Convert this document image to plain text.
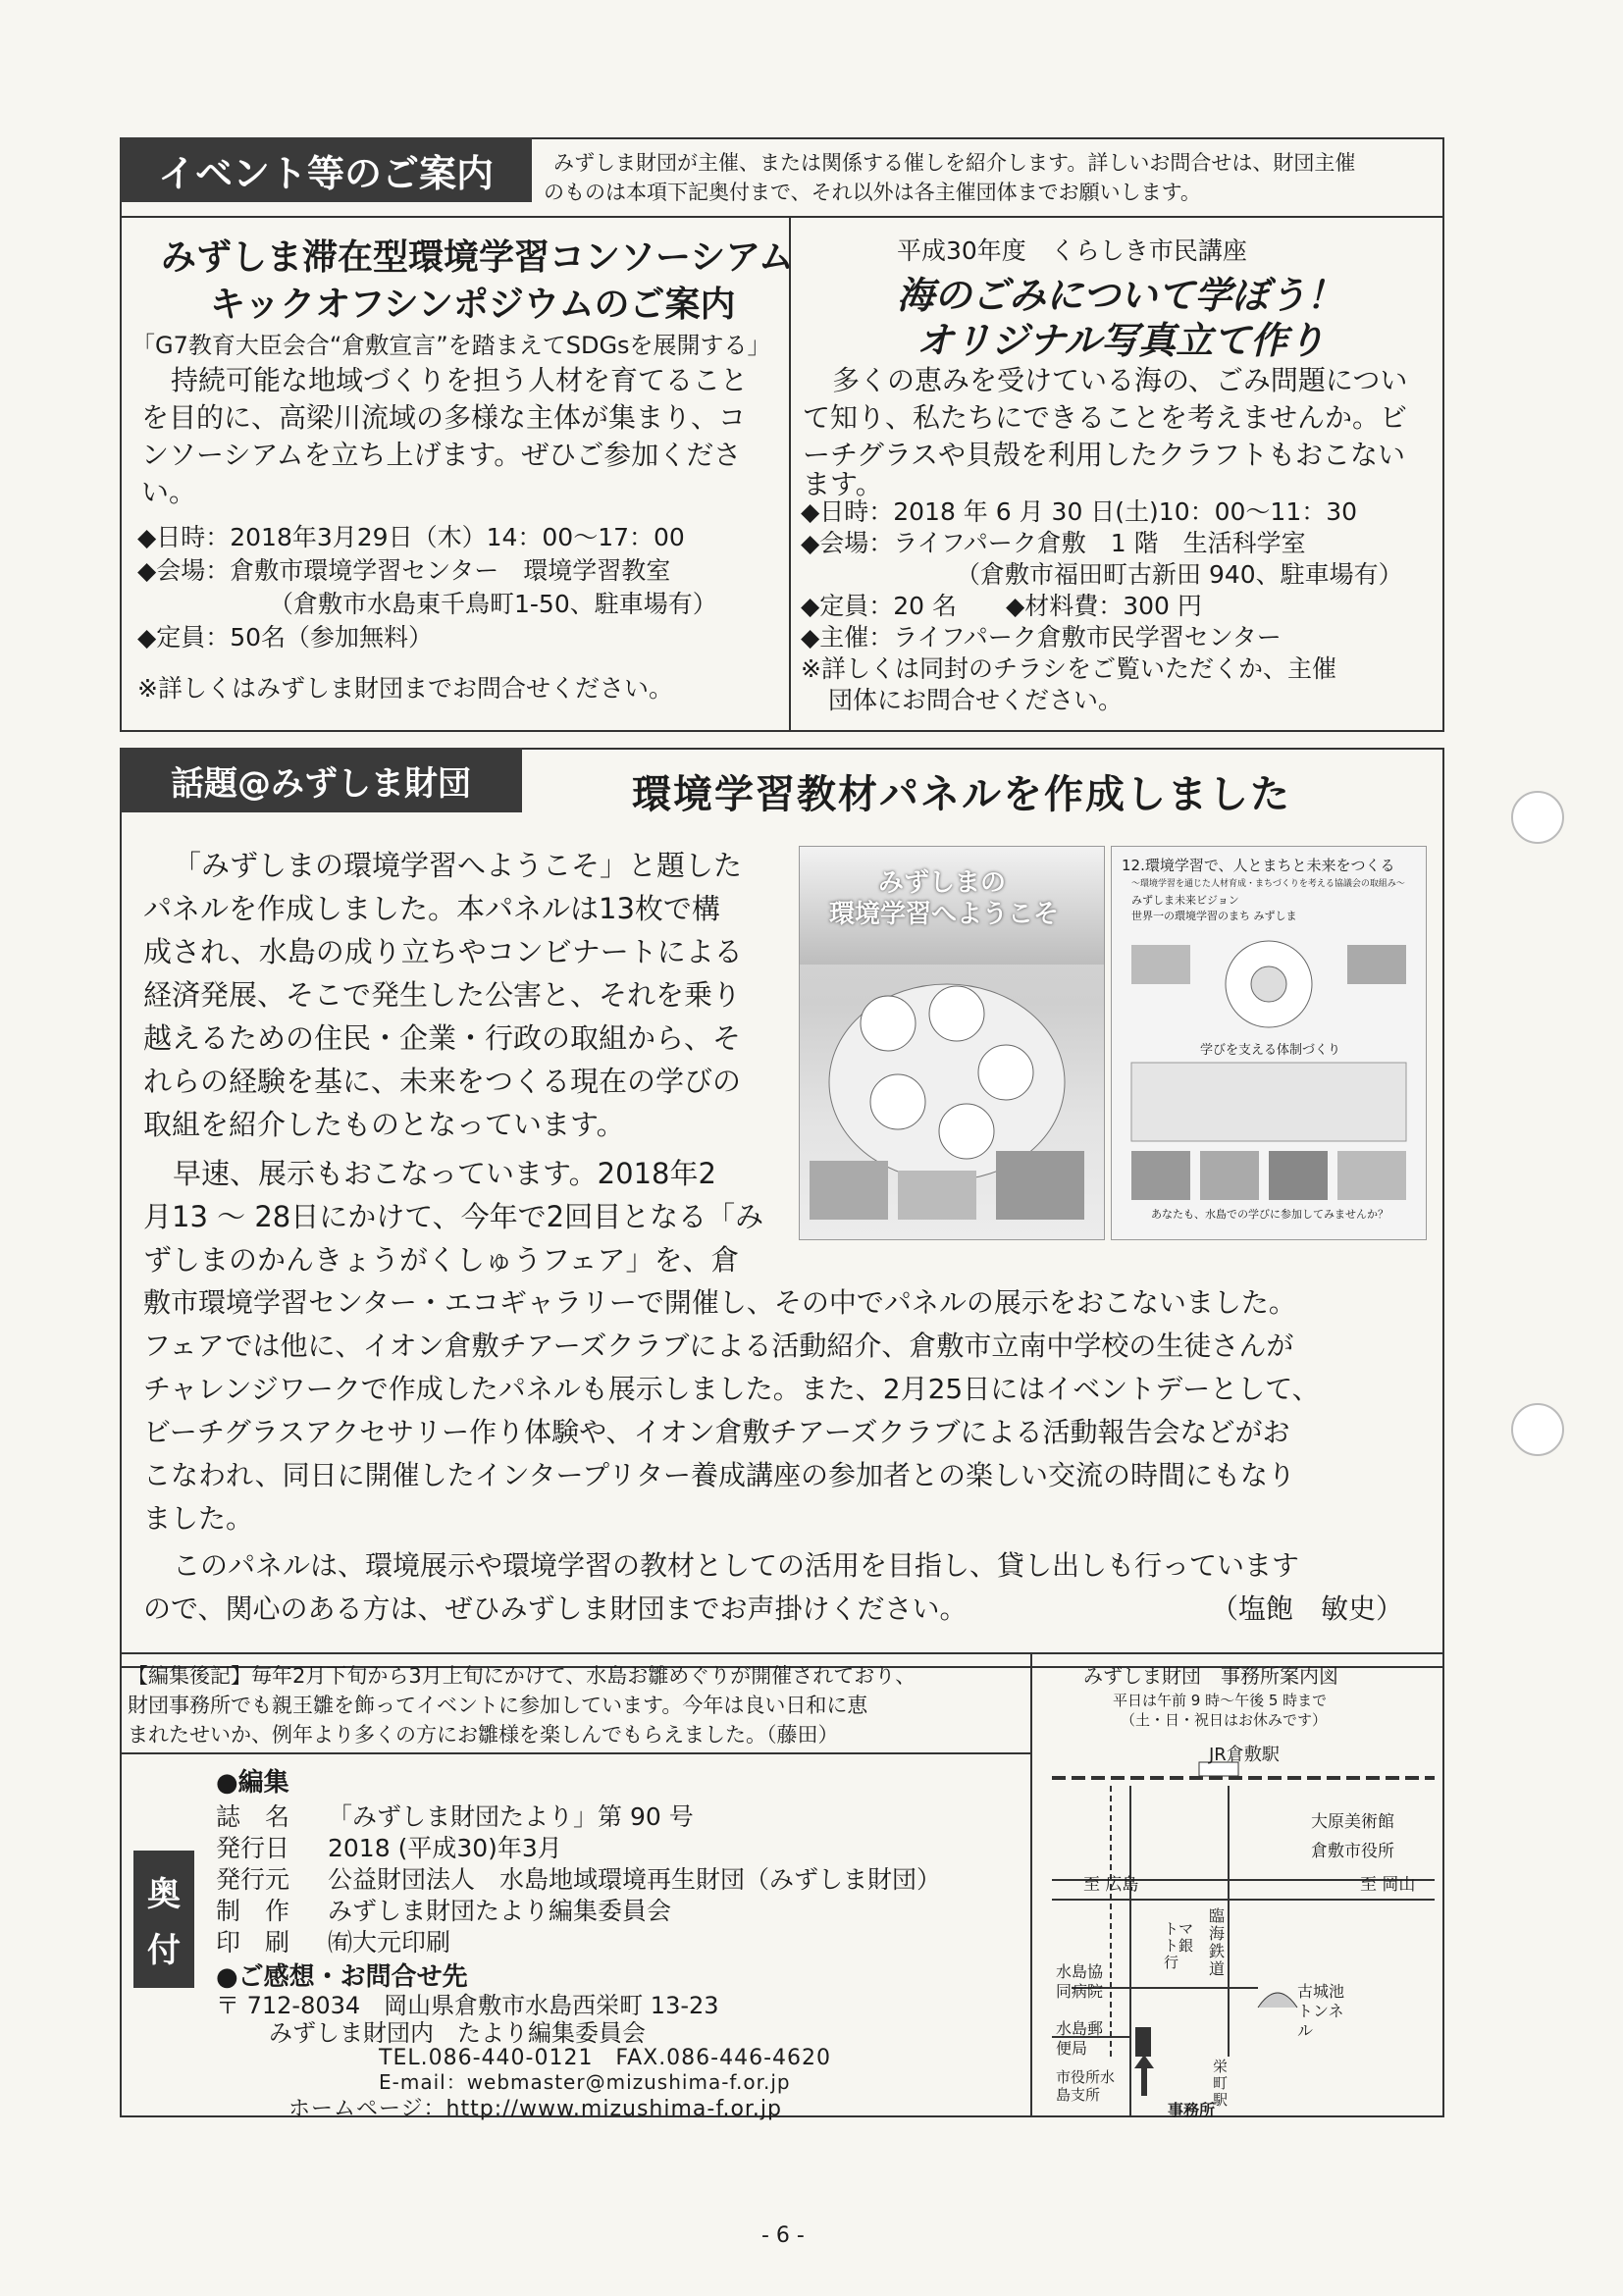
イベント等のご案内	みずしま財団が主催、または関係する催しを紹介します。詳しいお問合せは、財団主催
のものは本項下記奥付まで、それ以外は各主催団体までお願いします。
みずしま滞在型環境学習コンソーシアム
キックオフシンポジウムのご案内
「G7教育大臣会合“倉敷宣言”を踏まえてSDGsを展開する」
持続可能な地域づくりを担う人材を育てること
を目的に、高梁川流域の多様な主体が集まり、コ
ンソーシアムを立ち上げます。ぜひご参加くださ
い。
◆日時：2018年3月29日（木）14：00〜17：00
◆会場：倉敷市環境学習センター　環境学習教室
（倉敷市水島東千鳥町1-50、駐車場有）
◆定員：50名（参加無料）
※詳しくはみずしま財団までお問合せください。
平成30年度　くらしき市民講座
海のごみについて学ぼう！
オリジナル写真立て作り
多くの恵みを受けている海の、ごみ問題につい
て知り、私たちにできることを考えませんか。ビ
ーチグラスや貝殻を利用したクラフトもおこない
ます。
◆日時：2018 年 6 月 30 日(土)10：00〜11：30
◆会場：ライフパーク倉敷　1 階　生活科学室
（倉敷市福田町古新田 940、駐車場有）
◆定員：20 名　　◆材料費：300 円
◆主催：ライフパーク倉敷市民学習センター
※詳しくは同封のチラシをご覧いただくか、主催
団体にお問合せください。
話題@みずしま財団	環境学習教材パネルを作成しました
「みずしまの環境学習へようこそ」と題した
パネルを作成しました。本パネルは13枚で構
成され、水島の成り立ちやコンビナートによる
経済発展、そこで発生した公害と、それを乗り
越えるための住民・企業・行政の取組から、そ
れらの経験を基に、未来をつくる現在の学びの
取組を紹介したものとなっています。
早速、展示もおこなっています。2018年2
月13 〜 28日にかけて、今年で2回目となる「み
ずしまのかんきょうがくしゅうフェア」を、倉
敷市環境学習センター・エコギャラリーで開催し、その中でパネルの展示をおこないました。
フェアでは他に、イオン倉敷チアーズクラブによる活動紹介、倉敷市立南中学校の生徒さんが
チャレンジワークで作成したパネルも展示しました。また、2月25日にはイベントデーとして、
ビーチグラスアクセサリー作り体験や、イオン倉敷チアーズクラブによる活動報告会などがお
こなわれ、同日に開催したインタープリター養成講座の参加者との楽しい交流の時間にもなり
ました。
このパネルは、環境展示や環境学習の教材としての活用を目指し、貸し出しも行っています
ので、関心のある方は、ぜひみずしま財団までお声掛けください。	（塩飽　敏史）
みずしまの
環境学習へようこそ
12.環境学習で、人とまちと未来をつくる
〜環境学習を通じた人材育成・まちづくりを考える協議会の取組み〜
みずしま未来ビジョン
世界一の環境学習のまち みずしま
学びを支える体制づくり
あなたも、水島での学びに参加してみませんか？
【編集後記】毎年2月下旬から3月上旬にかけて、水島お雛めぐりが開催されており、
財団事務所でも親王雛を飾ってイベントに参加しています。今年は良い日和に恵
まれたせいか、例年より多くの方にお雛様を楽しんでもらえました。（藤田）
奥
付
●編集
誌　名 「みずしま財団たより」第 90 号
発行日 2018 (平成30)年3月
発行元 公益財団法人　水島地域環境再生財団（みずしま財団）
制　作 みずしま財団たより編集委員会
印　刷 ㈲大元印刷
●ご感想・お問合せ先
〒 712-8034　岡山県倉敷市水島西栄町 13-23
みずしま財団内　たより編集委員会
TEL.086-440-0121　FAX.086-446-4620
E-mail：webmaster@mizushima-f.or.jp
ホームページ：http://www.mizushima-f.or.jp
みずしま財団　事務所案内図
平日は午前 9 時〜午後 5 時まで
（土・日・祝日はお休みです）
JR倉敷駅
大原美術館
倉敷市役所
至 広島	至 岡山
臨海鉄道
トマト銀行
水島協同病院	古城池トンネル
水島郵便局
市役所水島支所
栄町駅
事務所
- 6 -
